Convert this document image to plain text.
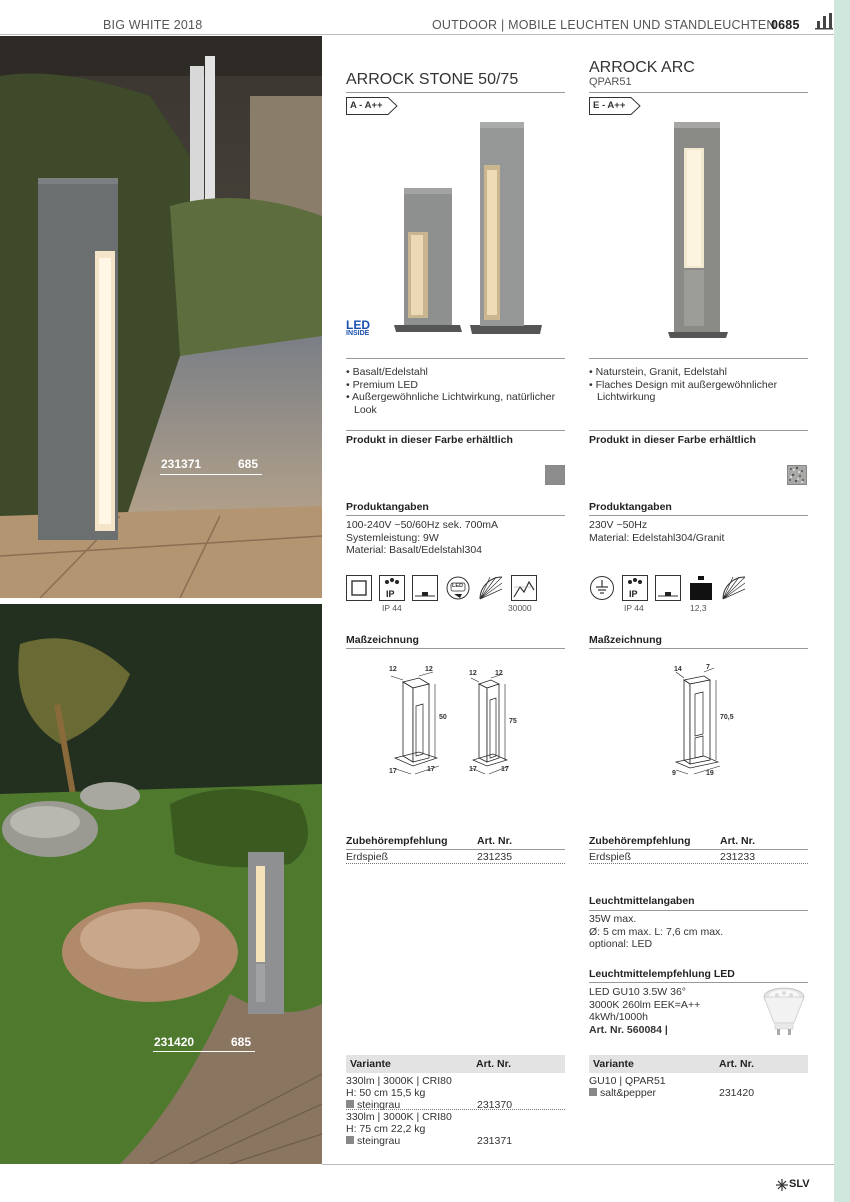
BIG WHITE 2018	OUTDOOR | MOBILE LEUCHTEN UND STANDLEUCHTEN
0685
231371	685
231420	685
ARROCK STONE 50/75
A - A++
LED
INSIDE
• Basalt/Edelstahl
• Premium LED
• Außergewöhnliche Lichtwirkung, natürlicher Look
Produkt in dieser Farbe erhältlich
Produktangaben
100-240V ~50/60Hz sek. 700mA
Systemleistung: 9W
Material: Basalt/Edelstahl304
IP
LED
IP 44	30000
Maßzeichnung
12	12
50
17	17
12	12
75
17	17
Zubehörempfehlung	Art. Nr.
Erdspieß	231235
Variante	Art. Nr.
330lm | 3000K | CRI80
H: 50 cm 15,5 kg
steingrau	231370
330lm | 3000K | CRI80
H: 75 cm 22,2 kg
steingrau	231371
ARROCK ARC
QPAR51
E - A++
• Naturstein, Granit, Edelstahl
• Flaches Design mit außergewöhnlicher Lichtwirkung
Produkt in dieser Farbe erhältlich
Produktangaben
230V ~50Hz
Material: Edelstahl304/Granit
IP
IP 44	12,3
Maßzeichnung
14	7
70,5
9	19
Zubehörempfehlung	Art. Nr.
Erdspieß	231233
Leuchtmittelangaben
35W max.
Ø: 5 cm max. L: 7,6 cm max.
optional: LED
Leuchtmittelempfehlung LED
LED GU10 3.5W 36°
3000K 260lm EEK=A++
4kWh/1000h
Art. Nr. 560084 |
Variante	Art. Nr.
GU10 | QPAR51
salt&pepper	231420
SLV
